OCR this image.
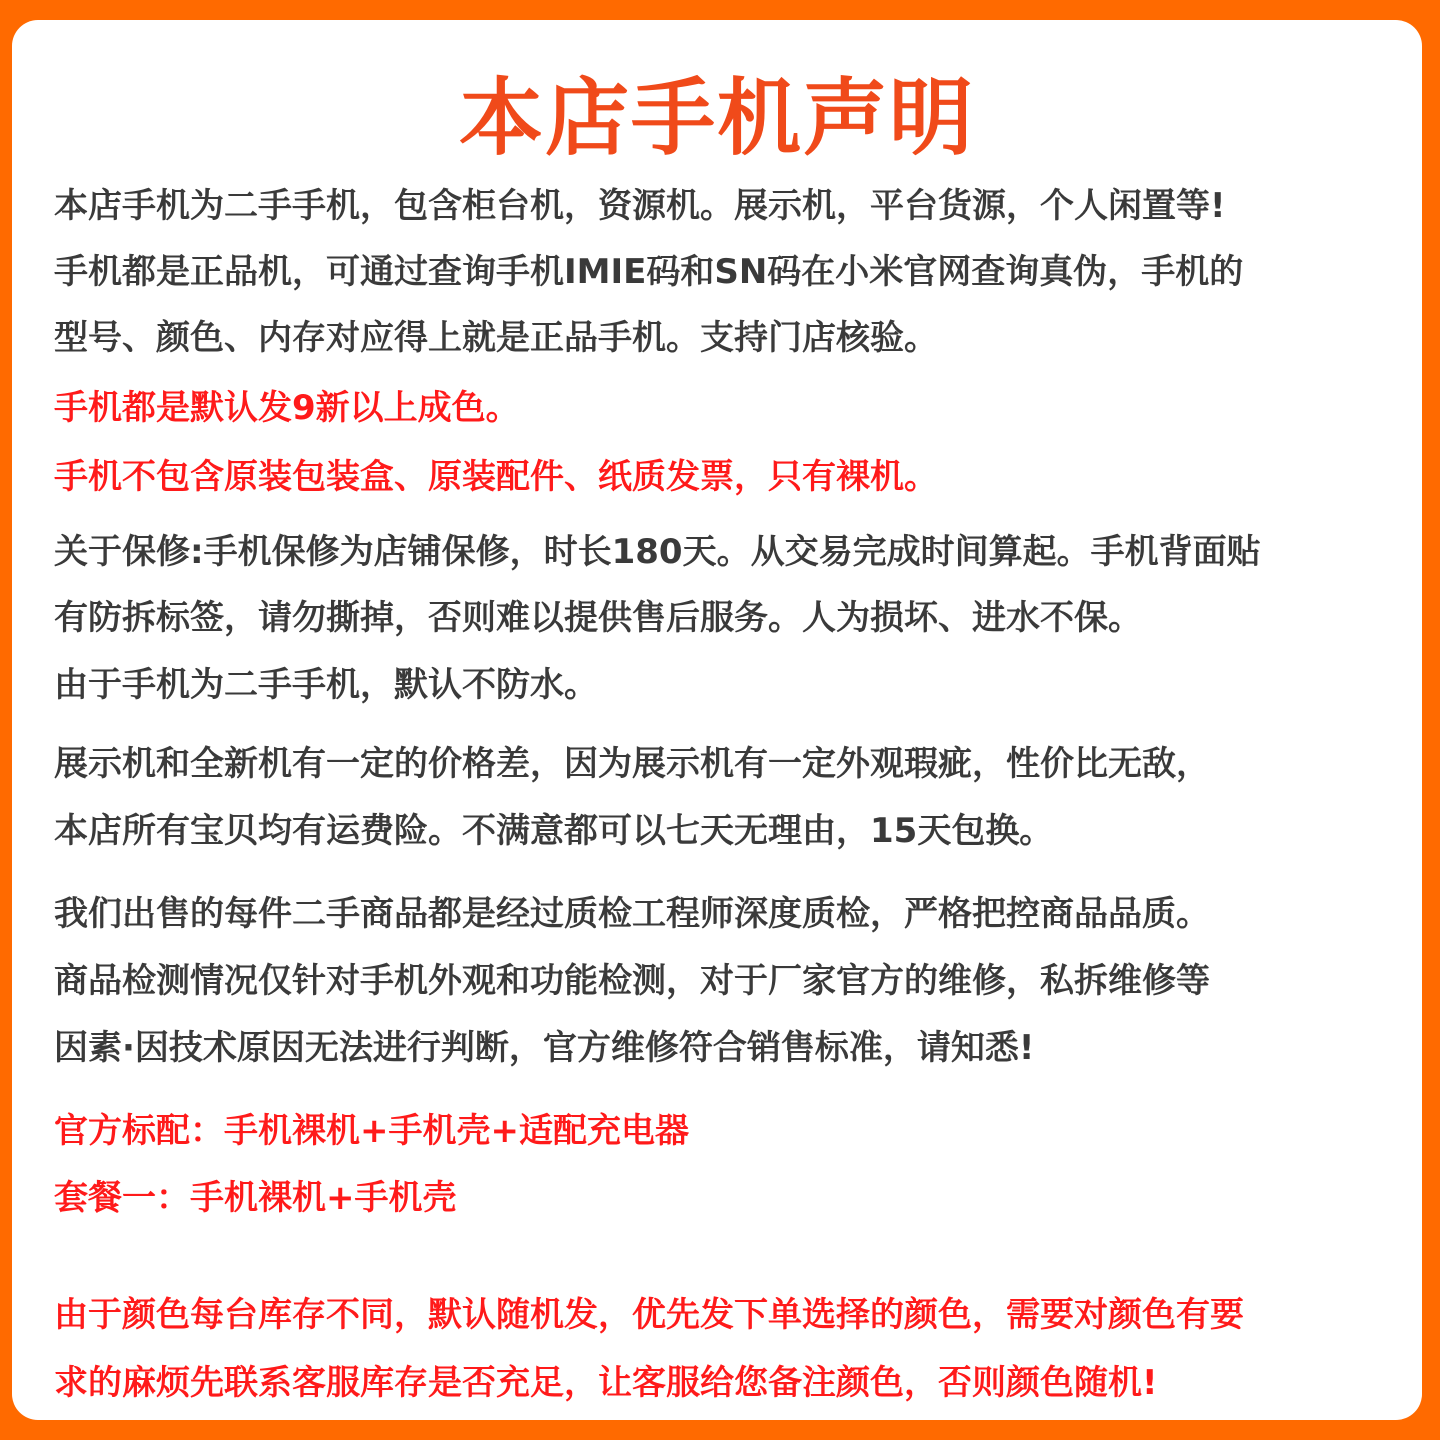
本店手机声明

本店手机为二手手机，包含柜台机，资源机。展示机，平台货源，个人闲置等!

手机都是正品机，可通过查询手机IMIE码和SN码在小米官网查询真伪，手机的

型号、颜色、内存对应得上就是正品手机。支持门店核验。

手机都是默认发9新以上成色。

手机不包含原装包装盒、原装配件、纸质发票，只有裸机。

关于保修:手机保修为店铺保修，时长180天。从交易完成时间算起。手机背面贴

有防拆标签，请勿撕掉，否则难以提供售后服务。人为损坏、进水不保。

由于手机为二手手机，默认不防水。

展示机和全新机有一定的价格差，因为展示机有一定外观瑕疵，性价比无敌，

本店所有宝贝均有运费险。不满意都可以七天无理由，15天包换。

我们出售的每件二手商品都是经过质检工程师深度质检，严格把控商品品质。

商品检测情况仅针对手机外观和功能检测，对于厂家官方的维修，私拆维修等

因素·因技术原因无法进行判断，官方维修符合销售标准，请知悉!

官方标配：手机裸机+手机壳+适配充电器

套餐一：手机裸机+手机壳

由于颜色每台库存不同，默认随机发，优先发下单选择的颜色，需要对颜色有要

求的麻烦先联系客服库存是否充足，让客服给您备注颜色，否则颜色随机!
